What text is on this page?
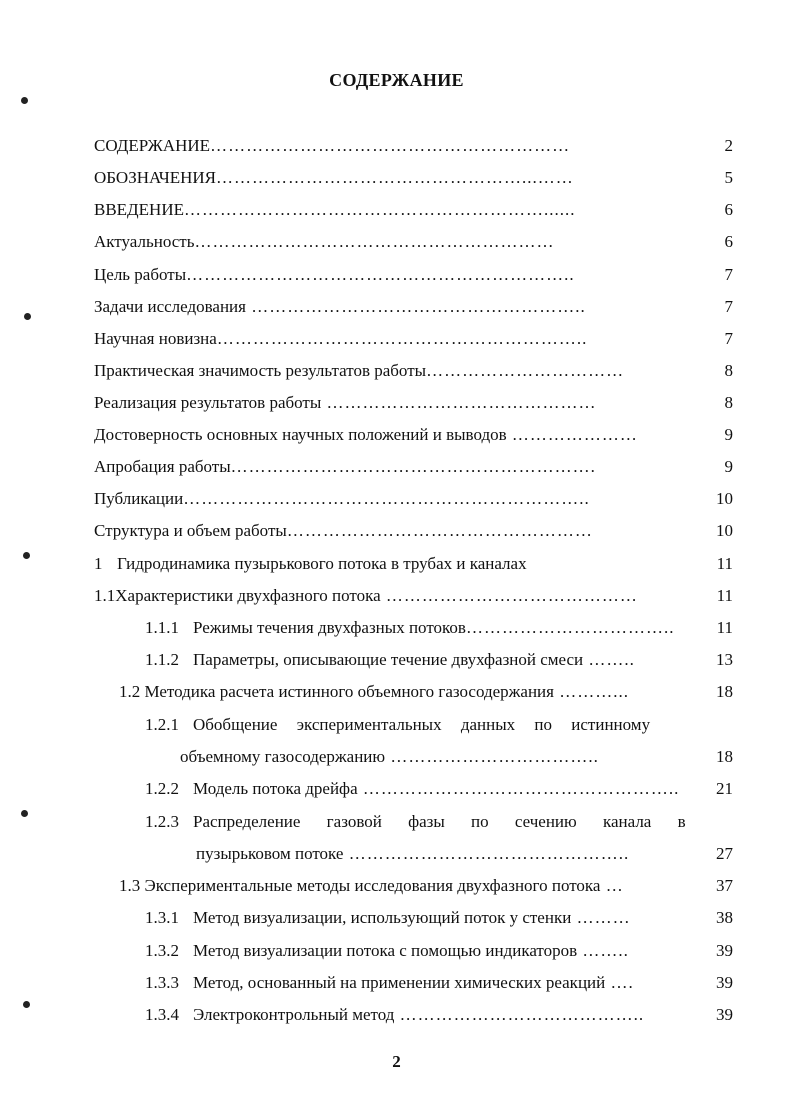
СОДЕРЖАНИЕ
СОДЕРЖАНИЕ……………………………………………………	2
ОБОЗНАЧЕНИЯ……………………………………………...……	5
ВВЕДЕНИЕ……………………………………………………......	6
Актуальность……………………………………………………	6
Цель работы………………………………………………………..	7
Задачи исследования ………………………………………………..	7
Научная новизна……………………………………………………..	7
Практическая значимость результатов работы……………………………	8
Реализация результатов работы ………………………………………	8
Достоверность основных научных положений и выводов …………………	9
Апробация работы…………………………………………………….	9
Публикации…………………………………………………………..	10
Структура и объем работы……………………………………………	10
1 Гидродинамика пузырькового потока в трубах и каналах	11
1.1Характеристики двухфазного потока ……………………………………	11
1.1.1 Режимы течения двухфазных потоков……………………………..	11
1.1.2 Параметры, описывающие течение двухфазной смеси ……..	13
1.2 Методика расчета истинного объемного газосодержания ………...	18
1.2.1 Обобщение экспериментальных данных по истинному
объемному газосодержанию ……………………………..	18
1.2.2 Модель потока дрейфа ……………………………………………..	21
1.2.3 Распределение газовой фазы по сечению канала в
пузырьковом потоке ………………………………………..	27
1.3 Экспериментальные методы исследования двухфазного потока …	37
1.3.1 Метод визуализации, использующий поток у стенки ………	38
1.3.2 Метод визуализации потока с помощью индикаторов ……..	39
1.3.3 Метод, основанный на применении химических реакций ….	39
1.3.4 Электроконтрольный метод …………………………………..	39
2
